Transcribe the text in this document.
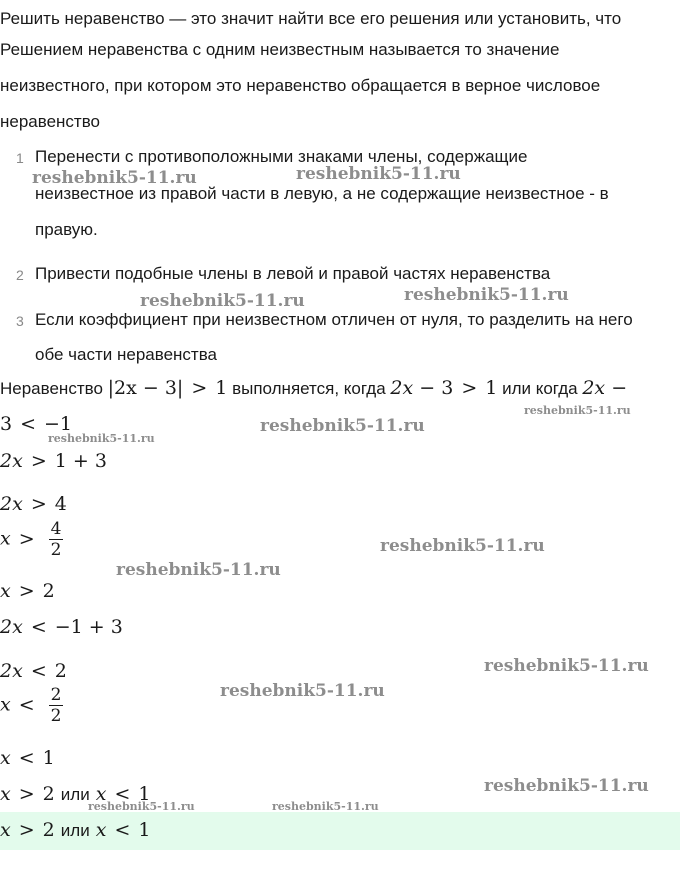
Решить неравенство — это значит найти все его решения или установить, что
Решением неравенства с одним неизвестным называется то значение
неизвестного, при котором это неравенство обращается в верное числовое
неравенство
1 Перенести с противоположными знаками члены, содержащие
неизвестное из правой части в левую, а не содержащие неизвестное - в
правую.
2 Привести подобные члены в левой и правой частях неравенства
3 Если коэффициент при неизвестном отличен от нуля, то разделить на него
обе части неравенства
Неравенство |2x − 3| > 1 выполняется, когда 2x − 3 > 1 или когда 2x −
3 < −1
2x > 1 + 3
2x > 4
$x > \frac{4}{2}$
x > 2
2x < −1 + 3
2x < 2
$x < \frac{2}{2}$
x < 1
x > 2 или x < 1
x > 2 или x < 1
reshebnik5-11.ru	reshebnik5-11.ru
reshebnik5-11.ru	reshebnik5-11.ru
reshebnik5-11.ru
reshebnik5-11.ru
reshebnik5-11.ru
reshebnik5-11.ru
reshebnik5-11.ru
reshebnik5-11.ru
reshebnik5-11.ru
reshebnik5-11.ru
reshebnik5-11.ru	reshebnik5-11.ru
